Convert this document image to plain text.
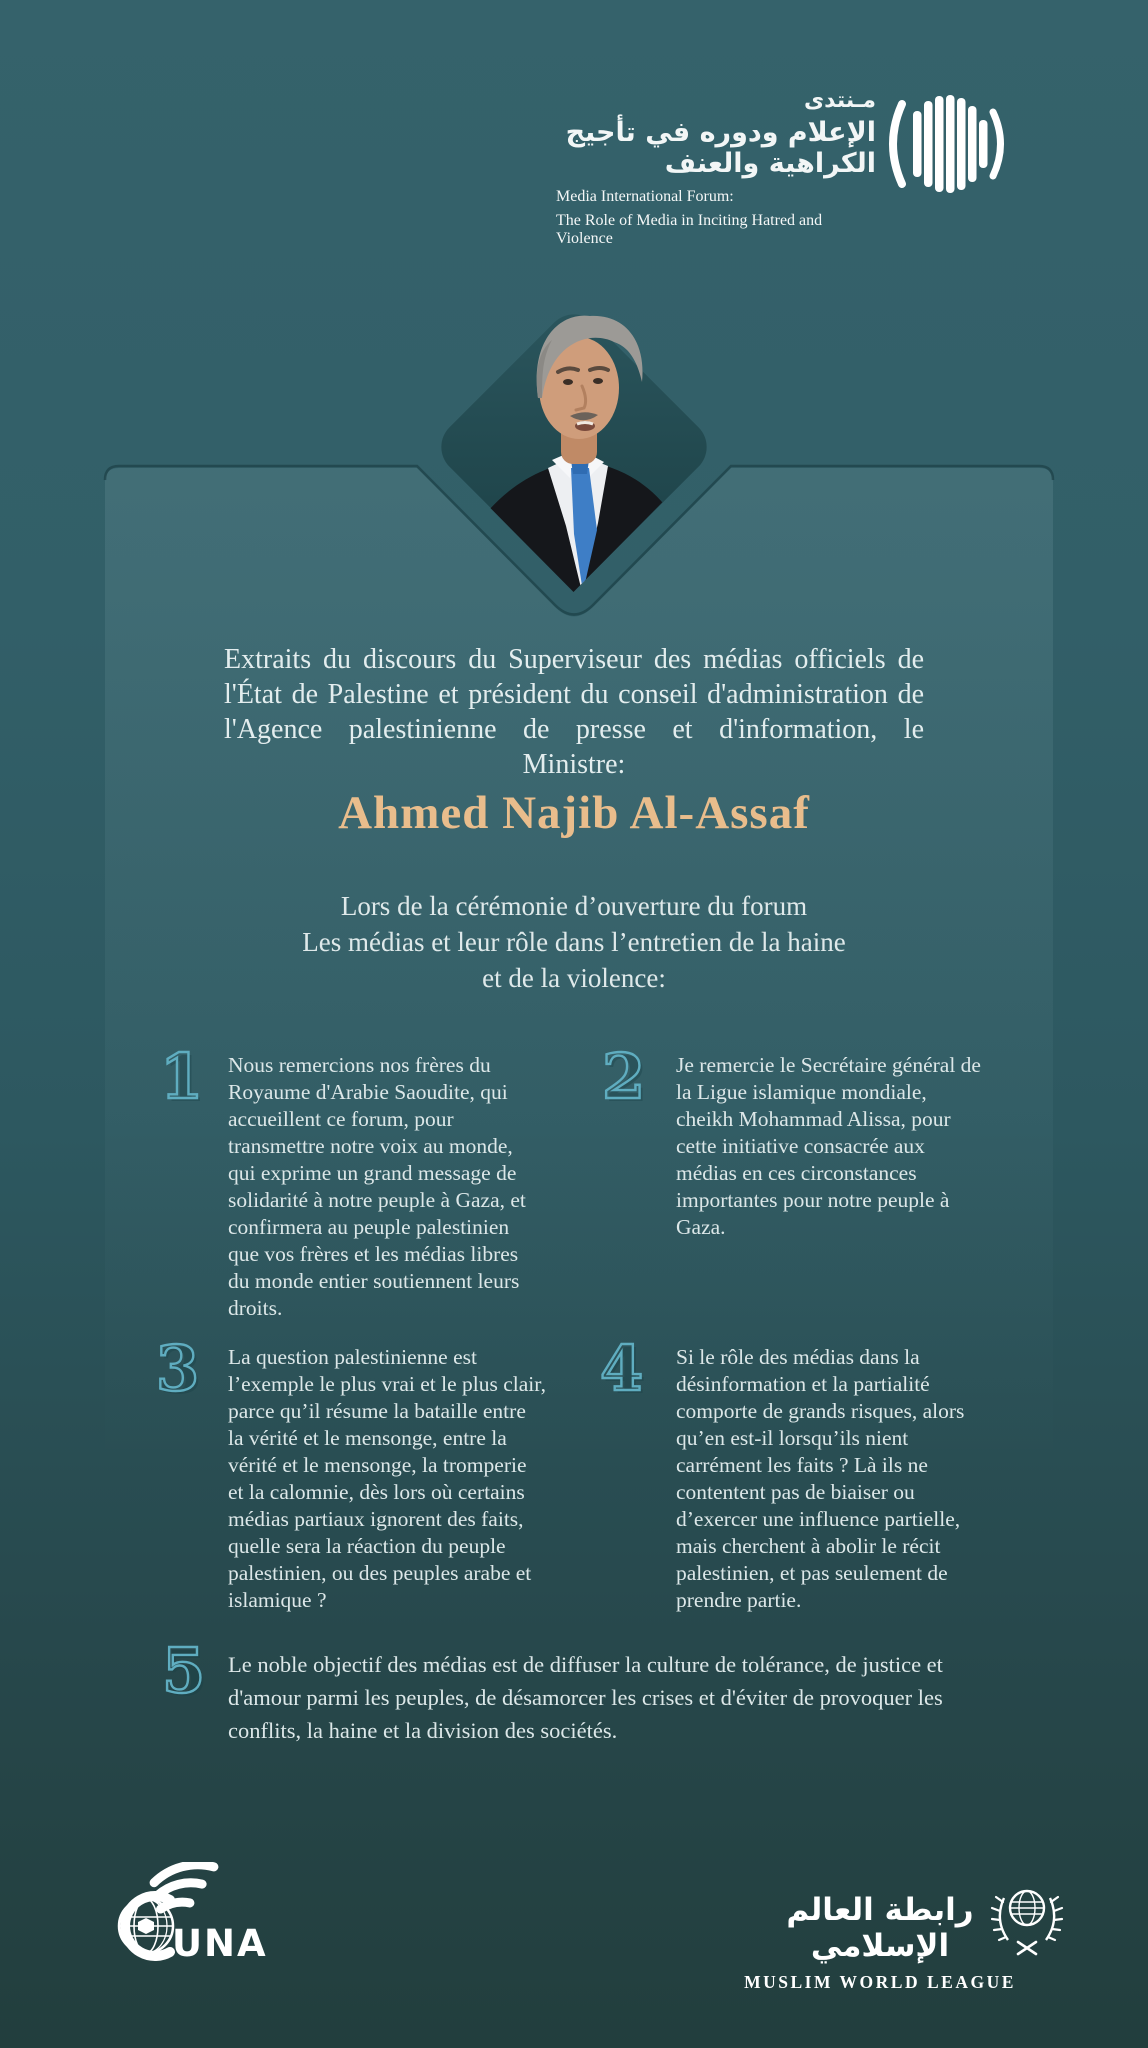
مـنتدى
الإعلام ودوره في تأجيج الكراهية والعنف
Media International Forum:
The Role of Media in Inciting Hatred and Violence
Extraits du discours du Superviseur des médias officiels de l'État de Palestine et président du conseil d'administration de l'Agence palestinienne de presse et d'information, le Ministre:
Ahmed Najib Al-Assaf
Lors de la cérémonie d’ouverture du forum
Les médias et leur rôle dans l’entretien de la haine
et de la violence:
1 Nous remercions nos frères du Royaume d'Arabie Saoudite, qui accueillent ce forum, pour transmettre notre voix au monde, qui exprime un grand message de solidarité à notre peuple à Gaza, et confirmera au peuple palestinien que vos frères et les médias libres du monde entier soutiennent leurs droits.
2 Je remercie le Secrétaire général de la Ligue islamique mondiale, cheikh Mohammad Alissa, pour cette initiative consacrée aux médias en ces circonstances importantes pour notre peuple à Gaza.
3 La question palestinienne est l’exemple le plus vrai et le plus clair, parce qu’il résume la bataille entre la vérité et le mensonge, entre la vérité et le mensonge, la tromperie et la calomnie, dès lors où certains médias partiaux ignorent des faits, quelle sera la réaction du peuple palestinien, ou des peuples arabe et islamique ?
4 Si le rôle des médias dans la désinformation et la partialité comporte de grands risques, alors qu’en est-il lorsqu’ils nient carrément les faits ? Là ils ne contentent pas de biaiser ou d’exercer une influence partielle, mais cherchent à abolir le récit palestinien, et pas seulement de prendre partie.
5 Le noble objectif des médias est de diffuser la culture de tolérance, de justice et d'amour parmi les peuples, de désamorcer les crises et d'éviter de provoquer les conflits, la haine et la division des sociétés.
UNA
رابطة العالم الإسلامي
MUSLIM WORLD LEAGUE
